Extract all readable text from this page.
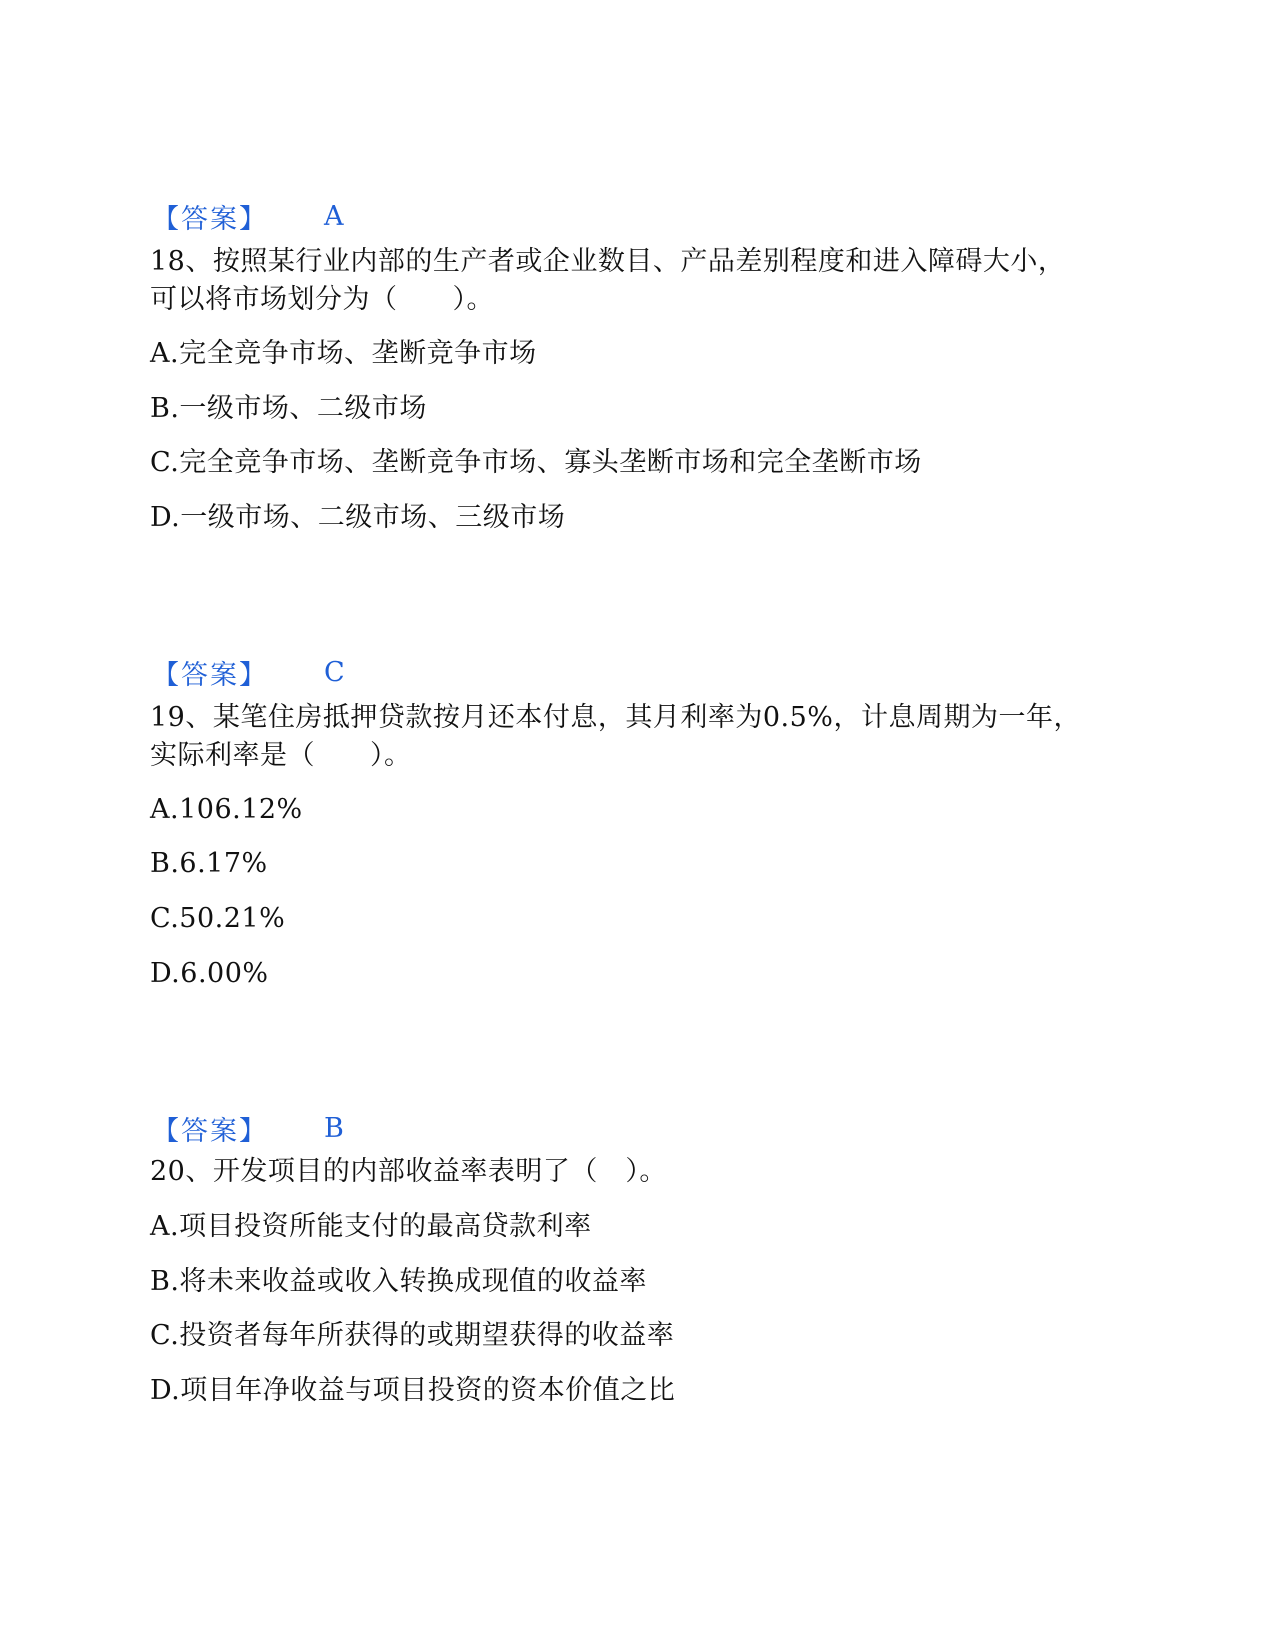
【答案】 A
18、按照某行业内部的生产者或企业数目、产品差别程度和进入障碍大小，
可以将市场划分为（　　）。
A.完全竞争市场、垄断竞争市场
B.一级市场、二级市场
C.完全竞争市场、垄断竞争市场、寡头垄断市场和完全垄断市场
D.一级市场、二级市场、三级市场
【答案】 C
19、某笔住房抵押贷款按月还本付息，其月利率为0.5%，计息周期为一年，
实际利率是（　　）。
A.106.12%
B.6.17%
C.50.21%
D.6.00%
【答案】 B
20、开发项目的内部收益率表明了（　）。
A.项目投资所能支付的最高贷款利率
B.将未来收益或收入转换成现值的收益率
C.投资者每年所获得的或期望获得的收益率
D.项目年净收益与项目投资的资本价值之比
